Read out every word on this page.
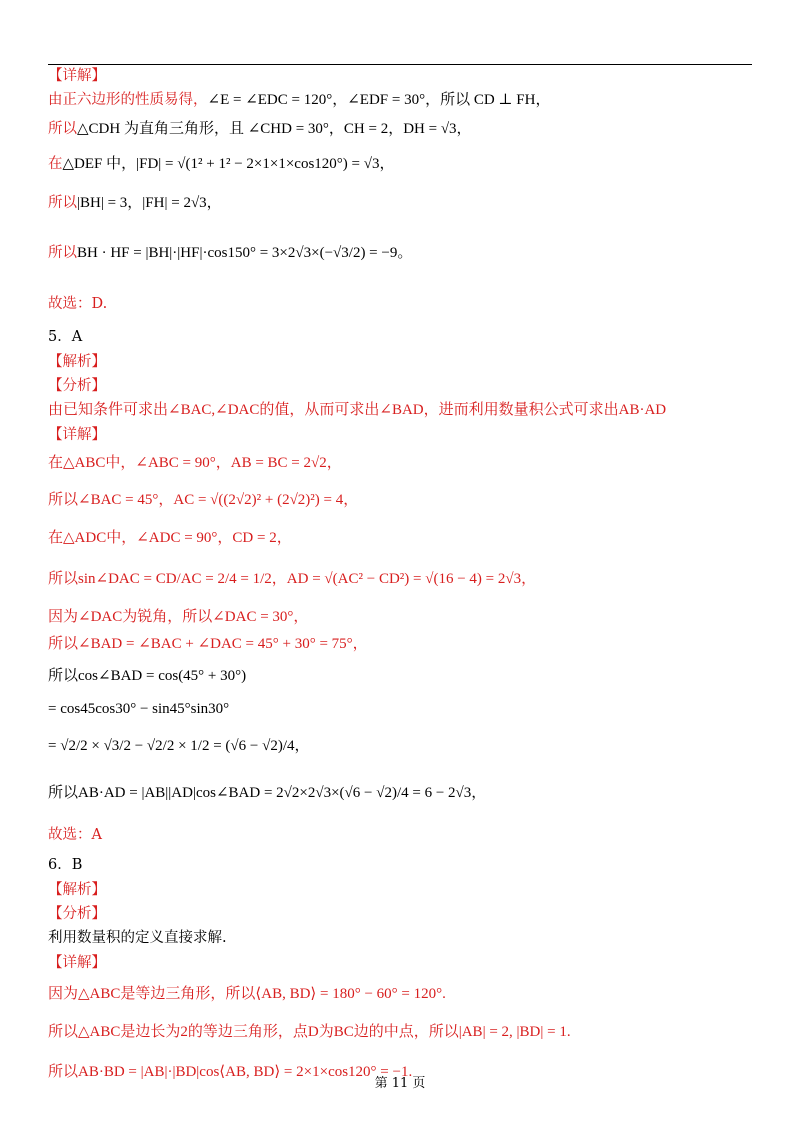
【详解】
由正六边形的性质易得， ∠E = ∠EDC = 120°，∠EDF = 30°，所以 CD ⊥ FH，
所以 △CDH 为直角三角形，且 ∠CHD = 30°，CH = 2，DH = √3，
在 △DEF 中，|FD| = √(1² + 1² − 2×1×1×cos120°) = √3，
所以 |BH| = 3，|FH| = 2√3，
所以 BH · HF = |BH|·|HF|·cos150° = 3×2√3×(−√3/2) = −9。
故选：D.
5．A
【解析】
【分析】
由已知条件可求出∠BAC,∠DAC的值，从而可求出∠BAD，进而利用数量积公式可求出AB·AD
【详解】
在△ABC中，∠ABC = 90°，AB = BC = 2√2，
所以∠BAC = 45°，AC = √((2√2)² + (2√2)²) = 4，
在△ADC中，∠ADC = 90°，CD = 2，
所以sin∠DAC = CD/AC = 2/4 = 1/2，AD = √(AC² − CD²) = √(16 − 4) = 2√3，
因为∠DAC为锐角，所以∠DAC = 30°，
所以∠BAD = ∠BAC + ∠DAC = 45° + 30° = 75°，
所以cos∠BAD = cos(45° + 30°)
= cos45cos30° − sin45°sin30°
= √2/2 × √3/2 − √2/2 × 1/2 = (√6 − √2)/4，
所以AB·AD = |AB||AD|cos∠BAD = 2√2×2√3×(√6 − √2)/4 = 6 − 2√3，
故选：A
6．B
【解析】
【分析】
利用数量积的定义直接求解.
【详解】
因为△ABC是等边三角形，所以⟨AB, BD⟩ = 180° − 60° = 120°.
所以△ABC是边长为2的等边三角形，点D为BC边的中点，所以|AB| = 2, |BD| = 1.
所以AB·BD = |AB|·|BD|cos⟨AB, BD⟩ = 2×1×cos120° = −1.
第 11 页
